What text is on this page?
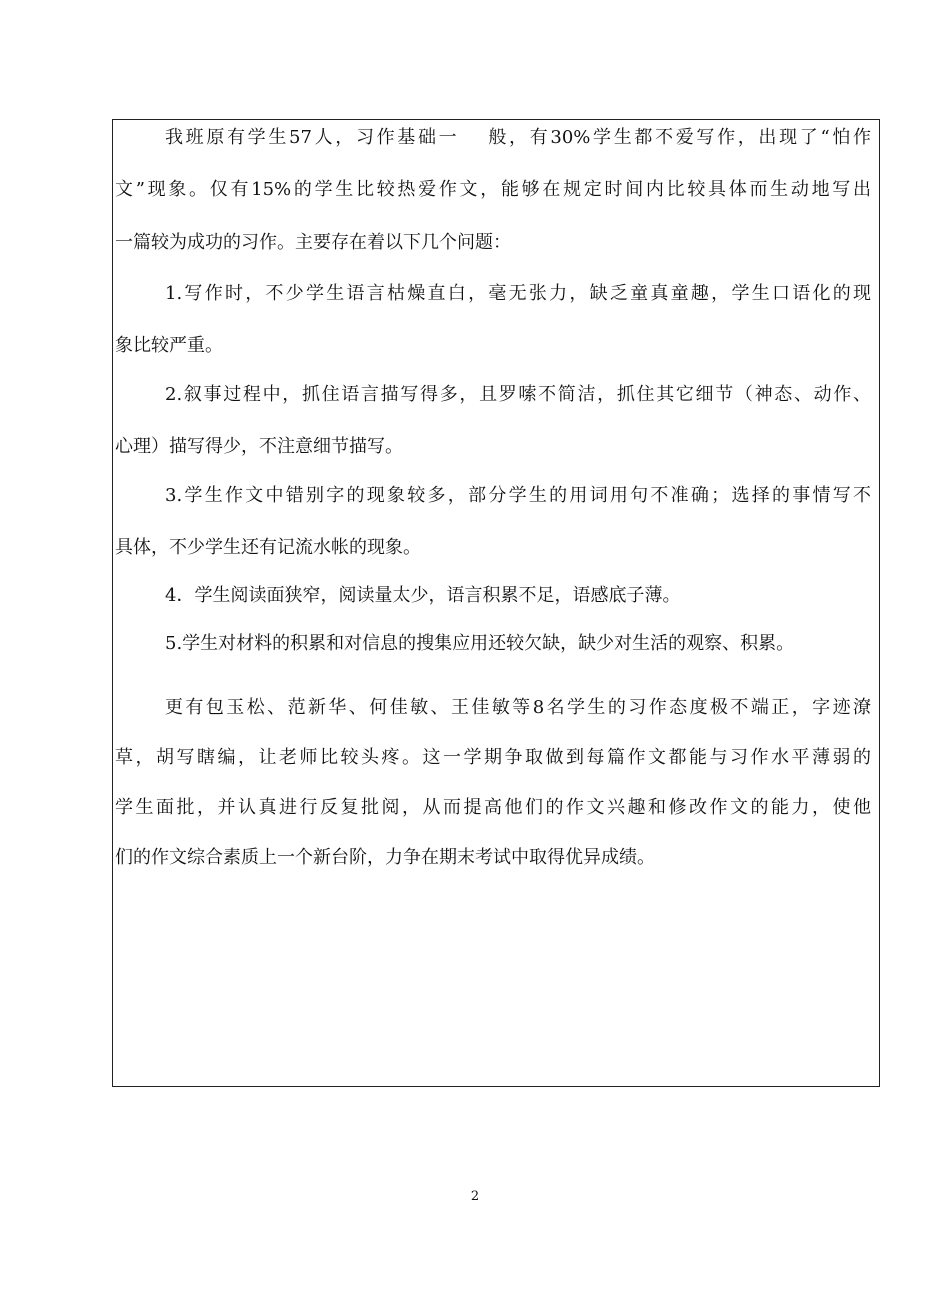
我班原有学生57人，习作基础一　 般，有30%学生都不爱写作，出现了“怕作
文”现象。仅有15%的学生比较热爱作文，能够在规定时间内比较具体而生动地写出
一篇较为成功的习作。主要存在着以下几个问题：
1.写作时，不少学生语言枯燥直白，毫无张力，缺乏童真童趣，学生口语化的现
象比较严重。
2.叙事过程中，抓住语言描写得多，且罗嗦不简洁，抓住其它细节（神态、动作、
心理）描写得少，不注意细节描写。
3.学生作文中错别字的现象较多，部分学生的用词用句不准确；选择的事情写不
具体，不少学生还有记流水帐的现象。
4．学生阅读面狭窄，阅读量太少，语言积累不足，语感底子薄。
5.学生对材料的积累和对信息的搜集应用还较欠缺，缺少对生活的观察、积累。
更有包玉松、范新华、何佳敏、王佳敏等8名学生的习作态度极不端正，字迹潦
草，胡写瞎编，让老师比较头疼。这一学期争取做到每篇作文都能与习作水平薄弱的
学生面批，并认真进行反复批阅，从而提高他们的作文兴趣和修改作文的能力，使他
们的作文综合素质上一个新台阶，力争在期末考试中取得优异成绩。
2
